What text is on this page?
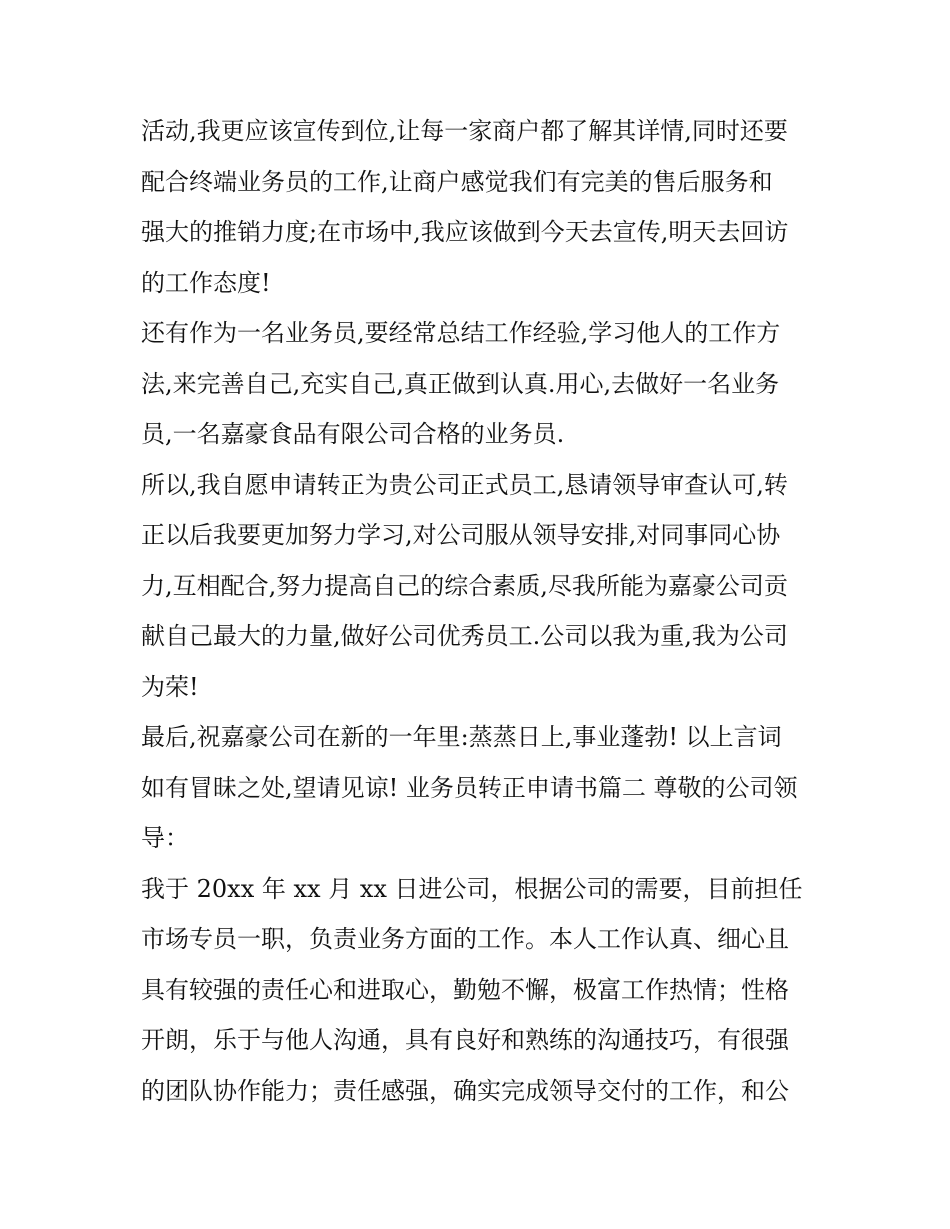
活动,我更应该宣传到位,让每一家商户都了解其详情,同时还要
配合终端业务员的工作,让商户感觉我们有完美的售后服务和
强大的推销力度;在市场中,我应该做到今天去宣传,明天去回访
的工作态度!
还有作为一名业务员,要经常总结工作经验,学习他人的工作方
法,来完善自己,充实自己,真正做到认真.用心,去做好一名业务
员,一名嘉豪食品有限公司合格的业务员.
所以,我自愿申请转正为贵公司正式员工,恳请领导审查认可,转
正以后我要更加努力学习,对公司服从领导安排,对同事同心协
力,互相配合,努力提高自己的综合素质,尽我所能为嘉豪公司贡
献自己最大的力量,做好公司优秀员工.公司以我为重,我为公司
为荣!
最后,祝嘉豪公司在新的一年里:蒸蒸日上,事业蓬勃! 以上言词
如有冒昧之处,望请见谅! 业务员转正申请书篇二 尊敬的公司领
导：
我于 20xx 年 xx 月 xx 日进公司，根据公司的需要，目前担任
市场专员一职，负责业务方面的工作。本人工作认真、细心且
具有较强的责任心和进取心，勤勉不懈，极富工作热情；性格
开朗，乐于与他人沟通，具有良好和熟练的沟通技巧，有很强
的团队协作能力；责任感强，确实完成领导交付的工作，和公
